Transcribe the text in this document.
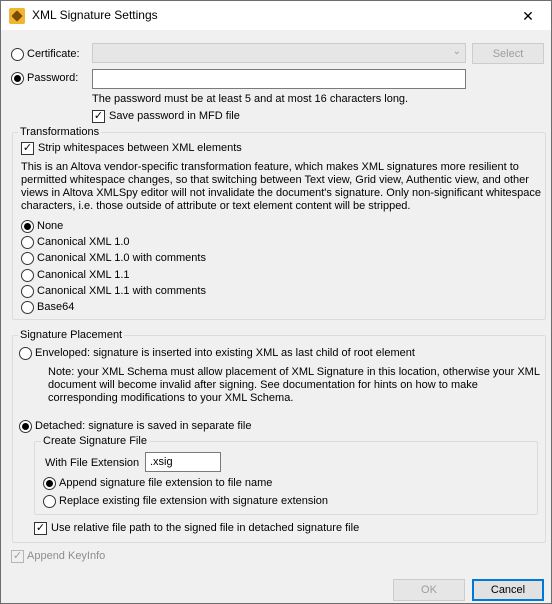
XML Signature Settings	✕
Certificate:	⌄	Select
Password:
The password must be at least 5 and at most 16 characters long.
✓ Save password in MFD file
Transformations
✓ Strip whitespaces between XML elements
This is an Altova vendor-specific transformation feature, which makes XML signatures more resilient to
permitted whitespace changes, so that switching between Text view, Grid view, Authentic view, and other
views in Altova XMLSpy editor will not invalidate the document's signature. Only non-significant whitespace
characters, i.e. those outside of attribute or text element content will be stripped.
None
Canonical XML 1.0
Canonical XML 1.0 with comments
Canonical XML 1.1
Canonical XML 1.1 with comments
Base64
Signature Placement
Enveloped: signature is inserted into existing XML as last child of root element
Note: your XML Schema must allow placement of XML Signature in this location, otherwise your XML
document will become invalid after signing. See documentation for hints on how to make
corresponding modifications to your XML Schema.
Detached: signature is saved in separate file
Create Signature File
With File Extension .xsig
Append signature file extension to file name
Replace existing file extension with signature extension
✓ Use relative file path to the signed file in detached signature file
✓ Append KeyInfo
OK	Cancel
